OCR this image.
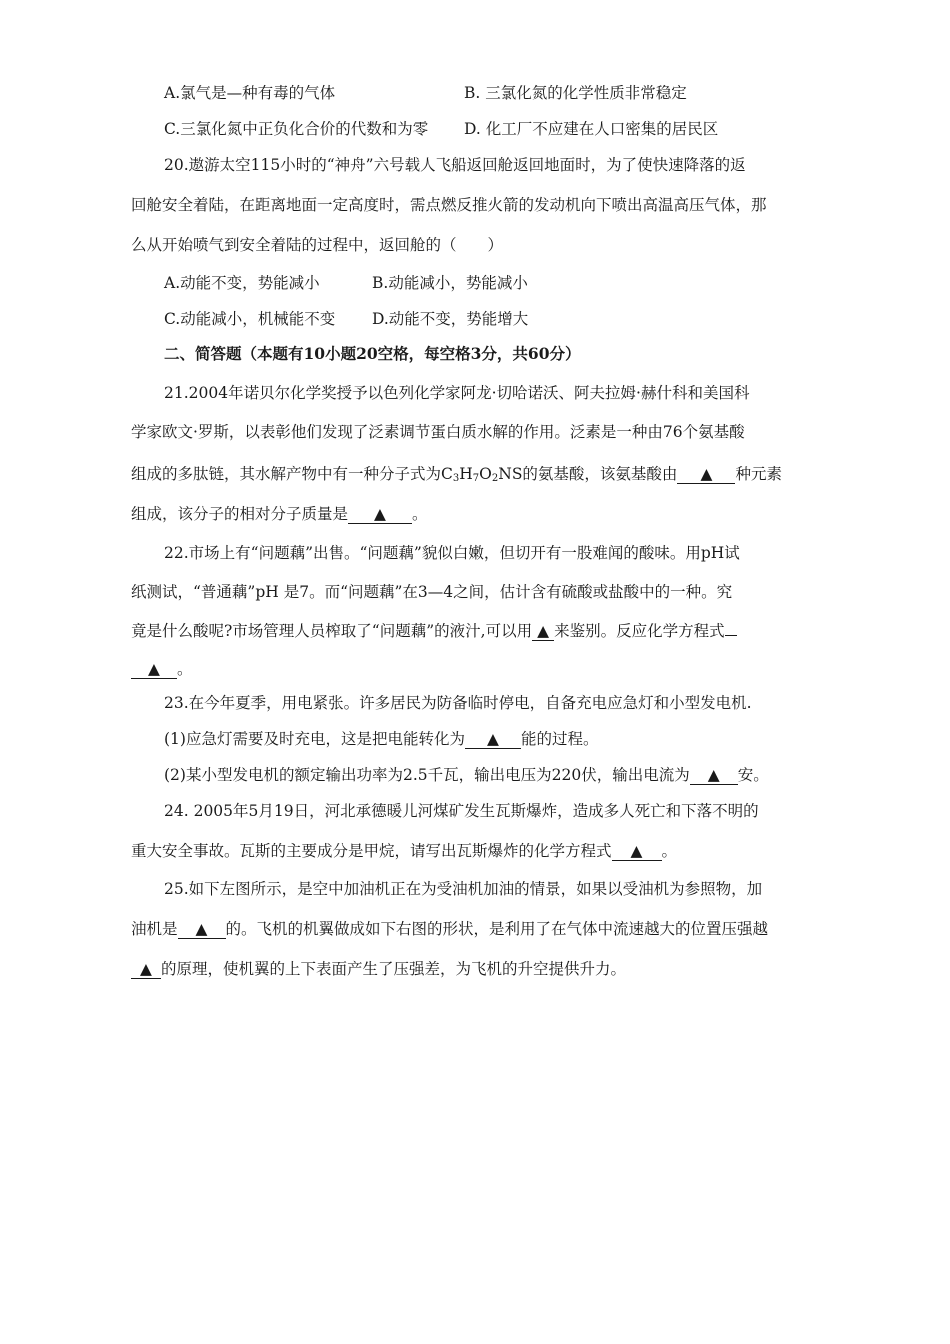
A.氯气是—种有毒的气体	B. 三氯化氮的化学性质非常稳定
C.三氯化氮中正负化合价的代数和为零 D. 化工厂不应建在人口密集的居民区
20.遨游太空115小时的“神舟”六号载人飞船返回舱返回地面时，为了使快速降落的返
回舱安全着陆，在距离地面一定高度时，需点燃反推火箭的发动机向下喷出高温高压气体，那
么从开始喷气到安全着陆的过程中，返回舱的（　　）
A.动能不变，势能减小	B.动能减小，势能减小
C.动能减小，机械能不变 D.动能不变，势能增大
二、简答题（本题有10小题20空格，每空格3分，共60分）
21.2004年诺贝尔化学奖授予以色列化学家阿龙·切哈诺沃、阿夫拉姆·赫什科和美国科
学家欧文·罗斯，以表彰他们发现了泛素调节蛋白质水解的作用。泛素是一种由76个氨基酸
组成的多肽链，其水解产物中有一种分子式为$C_3H_7O_2NS$的氨基酸，该氨基酸由 ▲ 种元素
组成，该分子的相对分子质量是 ▲ 。
22.市场上有“问题藕”出售。“问题藕”貌似白嫩，但切开有一股难闻的酸味。用pH试
纸测试，“普通藕”pH 是7。而“问题藕”在3—4之间，估计含有硫酸或盐酸中的一种。究
竟是什么酸呢?市场管理人员榨取了“问题藕”的液汁,可以用 ▲ 来鉴别。反应化学方程式
▲ 。
23.在今年夏季，用电紧张。许多居民为防备临时停电，自备充电应急灯和小型发电机.
(1)应急灯需要及时充电，这是把电能转化为 ▲ 能的过程。
(2)某小型发电机的额定输出功率为2.5千瓦，输出电压为220伏，输出电流为 ▲ 安。
24. 2005年5月19日，河北承德暖儿河煤矿发生瓦斯爆炸，造成多人死亡和下落不明的
重大安全事故。瓦斯的主要成分是甲烷，请写出瓦斯爆炸的化学方程式 ▲ 。
25.如下左图所示，是空中加油机正在为受油机加油的情景，如果以受油机为参照物，加
油机是 ▲ 的。飞机的机翼做成如下右图的形状，是利用了在气体中流速越大的位置压强越
▲ 的原理，使机翼的上下表面产生了压强差，为飞机的升空提供升力。
